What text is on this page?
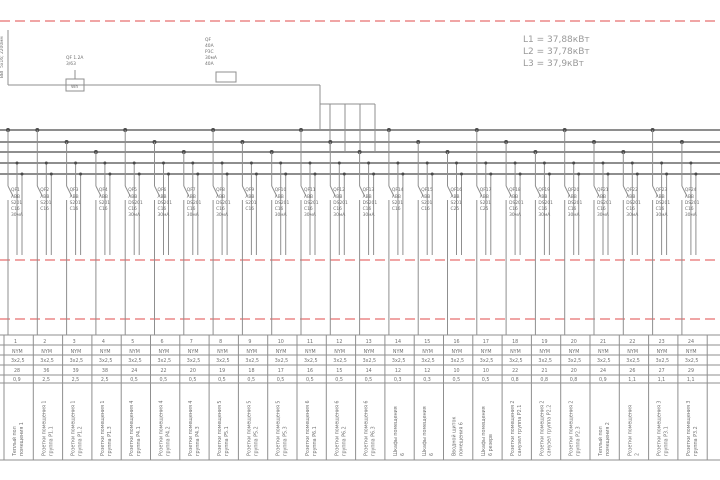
ВВГ 5х16; 2200мм
Wh
QF 1.2А
3/63
QF
40А
РЗС
30мА
40А
L1 = 37,88кВт
L2 = 37,78кВт
L3 = 37,9кВт
QF1
ABB
S201
C16
30мА
QF2
ABB
S201
C16
QF3
ABB
S201
C16
QF4
ABB
S201
C16
QF5
ABB
DS201
C16
30мА
QF6
ABB
DS201
C16
30мА
QF7
ABB
DS201
C16
30мА
QF8
ABB
DS201
C16
30мА
QF9
ABB
S201
C16
QF10
ABB
DS201
C16
30мА
QF11
ABB
DS201
C16
30мА
QF12
ABB
DS201
C16
30мА
QF13
ABB
DS201
C16
30мА
QF14
ABB
S201
C16
QF15
ABB
S201
C16
QF16
ABB
S201
C25
QF17
ABB
S201
C25
QF18
ABB
DS201
C16
30мА
QF19
ABB
DS201
C16
30мА
QF20
ABB
DS201
C16
30мА
QF21
ABB
DS201
C16
30мА
QF22
ABB
DS201
C16
30мА
QF23
ABB
DS201
C16
30мА
QF24
ABB
DS201
C16
30мА
1
NYM
3х2,5
28
0,9
Теплый пол помещения 1
2
NYM
3х2,5
36
2,5
Розетки помещения 1 группа Р1.1
3
NYM
3х2,5
39
2,5
Розетки помещения 1 группа Р1.2
4
NYM
3х2,5
38
2,5
Розетки помещения 1 группа Р1.3
5
NYM
3х2,5
24
0,5
Розетки помещения 4 группа Р4.1
6
NYM
3х2,5
22
0,5
Розетки помещения 4 группа Р4.2
7
NYM
3х2,5
20
0,5
Розетки помещения 4 группа Р4.3
8
NYM
3х2,5
19
0,5
Розетки помещения 5 группа Р5.1
9
NYM
3х2,5
18
0,5
Розетки помещения 5 группа Р5.2
10
NYM
3х2,5
17
0,5
Розетки помещения 5 группа Р5.3
11
NYM
3х2,5
16
0,5
Розетки помещения 6 группа Р6.1
12
NYM
3х2,5
15
0,5
Розетки помещения 6 группа Р6.2
13
NYM
3х2,5
14
0,5
Розетки помещения 6 группа Р6.3
14
NYM
3х2,5
12
0,3
Шкафы помещения 6
15
NYM
3х2,5
12
0,3
Шкафы помещения 6
16
NYM
3х2,5
10
0,5
Вводной щиток помещения 6
17
NYM
3х2,5
10
0,5
Шкафы помещения 6 резерв
18
NYM
3х2,5
22
0,8
Розетки помещения 2 санузел группа Р2.1
19
NYM
3х2,5
21
0,8
Розетки помещения 2 санузел группа Р2.2
20
NYM
3х2,5
20
0,8
Розетки помещения 2 группа Р2.3
21
NYM
3х2,5
24
0,9
Теплый пол помещения 2
22
NYM
3х2,5
26
1,1
Розетки помещения 2
23
NYM
3х2,5
27
1,1
Розетки помещения 3 группа Р3.1
24
NYM
3х2,5
29
1,1
Розетки помещения 3 группа Р3.2
